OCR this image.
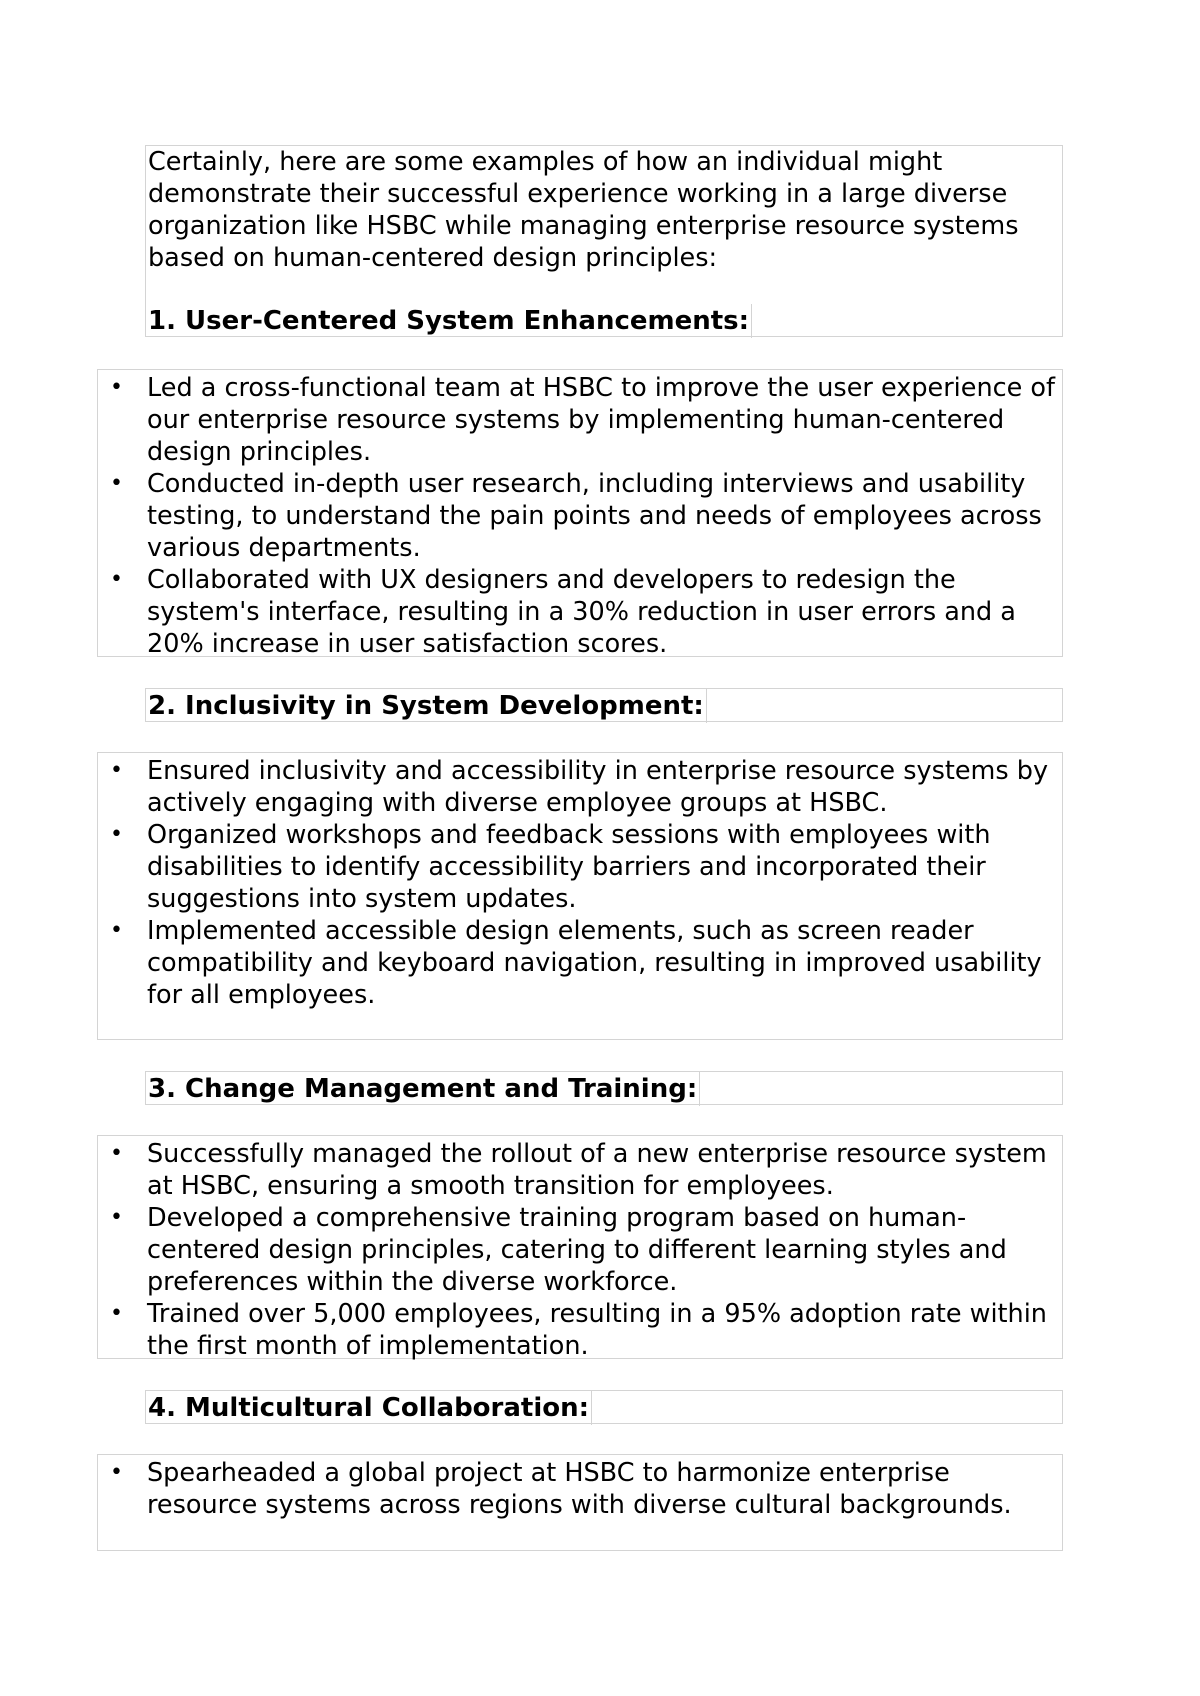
Certainly, here are some examples of how an individual might demonstrate their successful experience working in a large diverse organization like HSBC while managing enterprise resource systems based on human-centered design principles:

1. User-Centered System Enhancements:
• Led a cross-functional team at HSBC to improve the user experience of our enterprise resource systems by implementing human-centered design principles.
• Conducted in-depth user research, including interviews and usability testing, to understand the pain points and needs of employees across various departments.
• Collaborated with UX designers and developers to redesign the system's interface, resulting in a 30% reduction in user errors and a 20% increase in user satisfaction scores.
2. Inclusivity in System Development:
• Ensured inclusivity and accessibility in enterprise resource systems by actively engaging with diverse employee groups at HSBC.
• Organized workshops and feedback sessions with employees with disabilities to identify accessibility barriers and incorporated their suggestions into system updates.
• Implemented accessible design elements, such as screen reader compatibility and keyboard navigation, resulting in improved usability for all employees.
3. Change Management and Training:
• Successfully managed the rollout of a new enterprise resource system at HSBC, ensuring a smooth transition for employees.
• Developed a comprehensive training program based on human-centered design principles, catering to different learning styles and preferences within the diverse workforce.
• Trained over 5,000 employees, resulting in a 95% adoption rate within the first month of implementation.
4. Multicultural Collaboration:
• Spearheaded a global project at HSBC to harmonize enterprise resource systems across regions with diverse cultural backgrounds.
